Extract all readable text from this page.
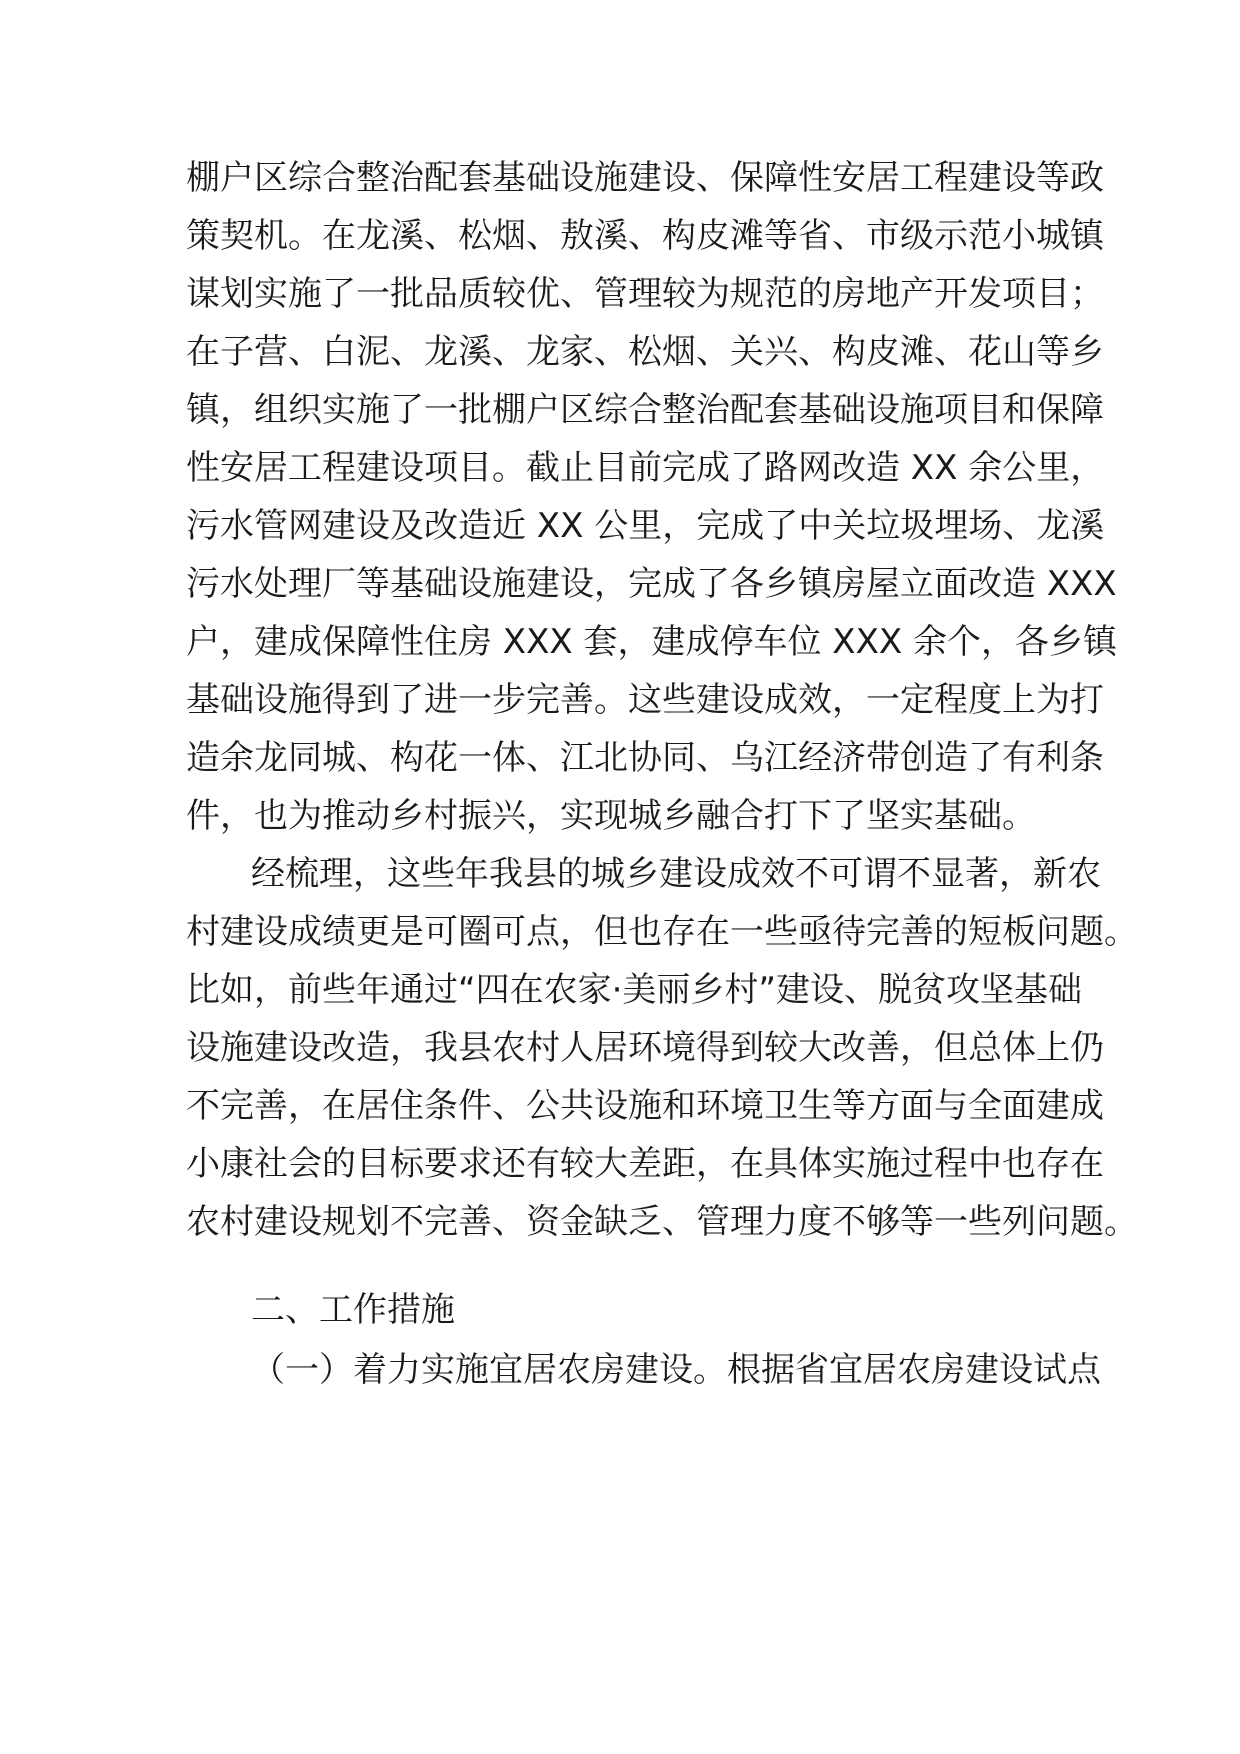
棚户区综合整治配套基础设施建设、保障性安居工程建设等政
策契机。在龙溪、松烟、敖溪、构皮滩等省、市级示范小城镇
谋划实施了一批品质较优、管理较为规范的房地产开发项目；
在子营、白泥、龙溪、龙家、松烟、关兴、构皮滩、花山等乡
镇，组织实施了一批棚户区综合整治配套基础设施项目和保障
性安居工程建设项目。截止目前完成了路网改造 XX 余公里，
污水管网建设及改造近 XX 公里，完成了中关垃圾埋场、龙溪
污水处理厂等基础设施建设，完成了各乡镇房屋立面改造 XXX
户，建成保障性住房 XXX 套，建成停车位 XXX 余个，各乡镇
基础设施得到了进一步完善。这些建设成效，一定程度上为打
造余龙同城、构花一体、江北协同、乌江经济带创造了有利条
件，也为推动乡村振兴，实现城乡融合打下了坚实基础。
经梳理，这些年我县的城乡建设成效不可谓不显著，新农
村建设成绩更是可圈可点，但也存在一些亟待完善的短板问题。
比如，前些年通过“四在农家·美丽乡村”建设、脱贫攻坚基础
设施建设改造，我县农村人居环境得到较大改善，但总体上仍
不完善，在居住条件、公共设施和环境卫生等方面与全面建成
小康社会的目标要求还有较大差距，在具体实施过程中也存在
农村建设规划不完善、资金缺乏、管理力度不够等一些列问题。
二、工作措施
（一）着力实施宜居农房建设。根据省宜居农房建设试点
